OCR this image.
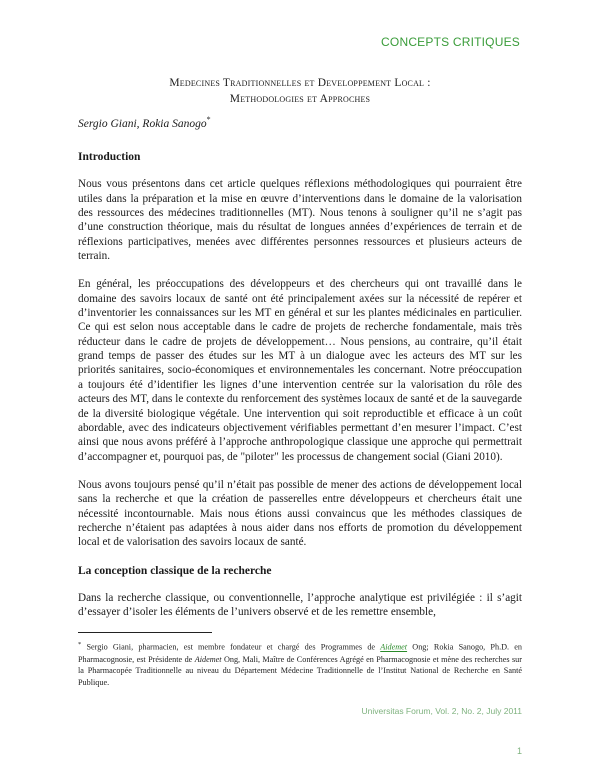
CONCEPTS CRITIQUES
Medecines Traditionnelles et Developpement Local :
Methodologies et Approches
Sergio Giani, Rokia Sanogo*
Introduction

Nous vous présentons dans cet article quelques réflexions méthodologiques qui pourraient être utiles dans la préparation et la mise en œuvre d’interventions dans le domaine de la valorisation des ressources des médecines traditionnelles (MT). Nous tenons à souligner qu’il ne s’agit pas d’une construction théorique, mais du résultat de longues années d’expériences de terrain et de réflexions participatives, menées avec différentes personnes ressources et plusieurs acteurs de terrain.

En général, les préoccupations des développeurs et des chercheurs qui ont travaillé dans le domaine des savoirs locaux de santé ont été principalement axées sur la nécessité de repérer et d’inventorier les connaissances sur les MT en général et sur les plantes médicinales en particulier. Ce qui est selon nous acceptable dans le cadre de projets de recherche fondamentale, mais très réducteur dans le cadre de projets de développement… Nous pensions, au contraire, qu’il était grand temps de passer des études sur les MT à un dialogue avec les acteurs des MT sur les priorités sanitaires, socio-économiques et environnementales les concernant. Notre préoccupation a toujours été d’identifier les lignes d’une intervention centrée sur la valorisation du rôle des acteurs des MT, dans le contexte du renforcement des systèmes locaux de santé et de la sauvegarde de la diversité biologique végétale. Une intervention qui soit reproductible et efficace à un coût abordable, avec des indicateurs objectivement vérifiables permettant d’en mesurer l’impact. C’est ainsi que nous avons préféré à l’approche anthropologique classique une approche qui permettrait d’accompagner et, pourquoi pas, de "piloter" les processus de changement social (Giani 2010).

Nous avons toujours pensé qu’il n’était pas possible de mener des actions de développement local sans la recherche et que la création de passerelles entre développeurs et chercheurs était une nécessité incontournable. Mais nous étions aussi convaincus que les méthodes classiques de recherche n’étaient pas adaptées à nous aider dans nos efforts de promotion du développement local et de valorisation des savoirs locaux de santé.

La conception classique de la recherche

Dans la recherche classique, ou conventionnelle, l’approche analytique est privilégiée : il s’agit d’essayer d’isoler les éléments de l’univers observé et de les remettre ensemble,

* Sergio Giani, pharmacien, est membre fondateur et chargé des Programmes de Aidemet Ong; Rokia Sanogo, Ph.D. en Pharmacognosie, est Présidente de Aidemet Ong, Mali, Maître de Conférences Agrégé en Pharmacognosie et mène des recherches sur la Pharmacopée Traditionnelle au niveau du Département Médecine Traditionnelle de l’Institut National de Recherche en Santé Publique.
Universitas Forum, Vol. 2, No. 2, July 2011
1
